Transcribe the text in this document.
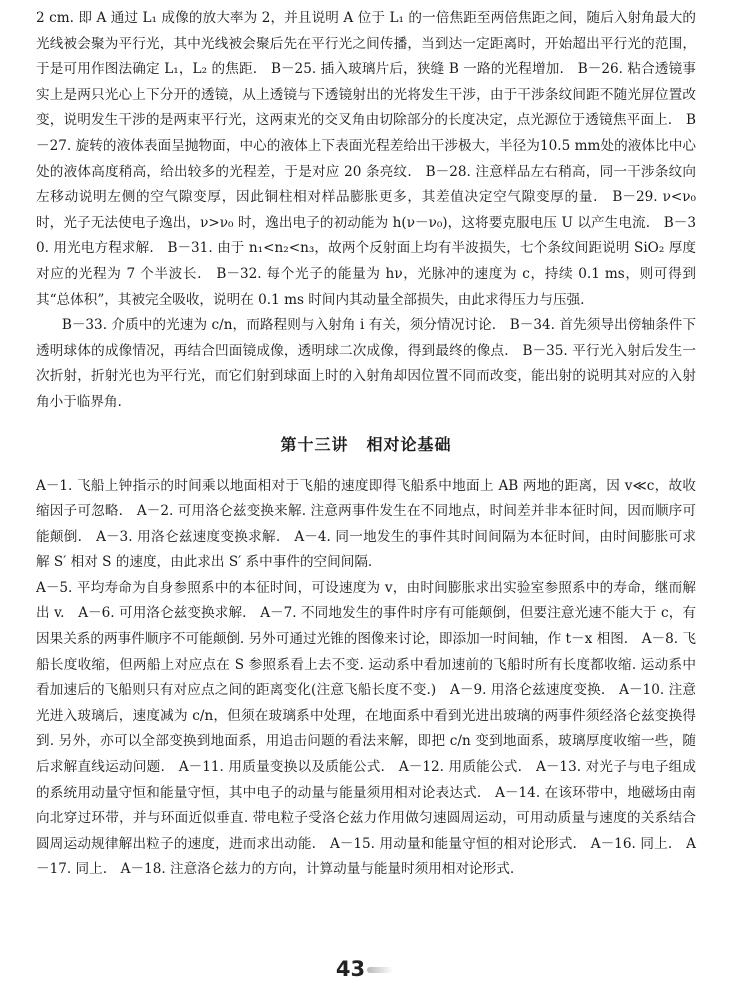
2 cm. 即 A 通过 L₁ 成像的放大率为 2，并且说明 A 位于 L₁ 的一倍焦距至两倍焦距之间，随后入射角最大的光线被会聚为平行光，其中光线被会聚后先在平行光之间传播，当到达一定距离时，开始超出平行光的范围，于是可用作图法确定 L₁，L₂ 的焦距.　B－25. 插入玻璃片后，狭缝 B 一路的光程增加.　B－26. 粘合透镜事实上是两只光心上下分开的透镜，从上透镜与下透镜射出的光将发生干涉，由于干涉条纹间距不随光屏位置改变，说明发生干涉的是两束平行光，这两束光的交叉角由切除部分的长度决定，点光源位于透镜焦平面上.　B－27. 旋转的液体表面呈抛物面，中心的液体上下表面光程差给出干涉极大，半径为10.5 mm处的液体比中心处的液体高度稍高，给出较多的光程差，于是对应 20 条亮纹.　B－28. 注意样品左右稍高，同一干涉条纹向左移动说明左侧的空气隙变厚，因此铜柱相对样品膨胀更多，其差值决定空气隙变厚的量.　B－29. ν<ν₀ 时，光子无法使电子逸出，ν>ν₀ 时，逸出电子的初动能为 h(ν－ν₀)，这将要克服电压 U 以产生电流.　B－30. 用光电方程求解.　B－31. 由于 n₁<n₂<n₃，故两个反射面上均有半波损失，七个条纹间距说明 SiO₂ 厚度对应的光程为 7 个半波长.　B－32. 每个光子的能量为 hν，光脉冲的速度为 c，持续 0.1 ms，则可得到其“总体积”，其被完全吸收，说明在 0.1 ms 时间内其动量全部损失，由此求得压力与压强.

B－33. 介质中的光速为 c/n，而路程则与入射角 i 有关，须分情况讨论.　B－34. 首先须导出傍轴条件下透明球体的成像情况，再结合凹面镜成像，透明球二次成像，得到最终的像点.　B－35. 平行光入射后发生一次折射，折射光也为平行光，而它们射到球面上时的入射角却因位置不同而改变，能出射的说明其对应的入射角小于临界角.

第十三讲 相对论基础

A－1. 飞船上钟指示的时间乘以地面相对于飞船的速度即得飞船系中地面上 AB 两地的距离，因 v≪c，故收缩因子可忽略.　A－2. 可用洛仑兹变换来解. 注意两事件发生在不同地点，时间差并非本征时间，因而顺序可能颠倒.　A－3. 用洛仑兹速度变换求解.　A－4. 同一地发生的事件其时间间隔为本征时间，由时间膨胀可求解 S′ 相对 S 的速度，由此求出 S′ 系中事件的空间间隔.

A－5. 平均寿命为自身参照系中的本征时间，可设速度为 v，由时间膨胀求出实验室参照系中的寿命，继而解出 v.　A－6. 可用洛仑兹变换求解.　A－7. 不同地发生的事件时序有可能颠倒，但要注意光速不能大于 c，有因果关系的两事件顺序不可能颠倒. 另外可通过光锥的图像来讨论，即添加一时间轴，作 t－x 相图.　A－8. 飞船长度收缩，但两船上对应点在 S 参照系看上去不变. 运动系中看加速前的飞船时所有长度都收缩. 运动系中看加速后的飞船则只有对应点之间的距离变化(注意飞船长度不变.)　A－9. 用洛仑兹速度变换.　A－10. 注意光进入玻璃后，速度减为 c/n，但须在玻璃系中处理，在地面系中看到光进出玻璃的两事件须经洛仑兹变换得到. 另外，亦可以全部变换到地面系，用追击问题的看法来解，即把 c/n 变到地面系，玻璃厚度收缩一些，随后求解直线运动问题.　A－11. 用质量变换以及质能公式.　A－12. 用质能公式.　A－13. 对光子与电子组成的系统用动量守恒和能量守恒，其中电子的动量与能量须用相对论表达式.　A－14. 在该环带中，地磁场由南向北穿过环带，并与环面近似垂直. 带电粒子受洛仑兹力作用做匀速圆周运动，可用动质量与速度的关系结合圆周运动规律解出粒子的速度，进而求出动能.　A－15. 用动量和能量守恒的相对论形式.　A－16. 同上.　A－17. 同上.　A－18. 注意洛仑兹力的方向，计算动量与能量时须用相对论形式.

43
